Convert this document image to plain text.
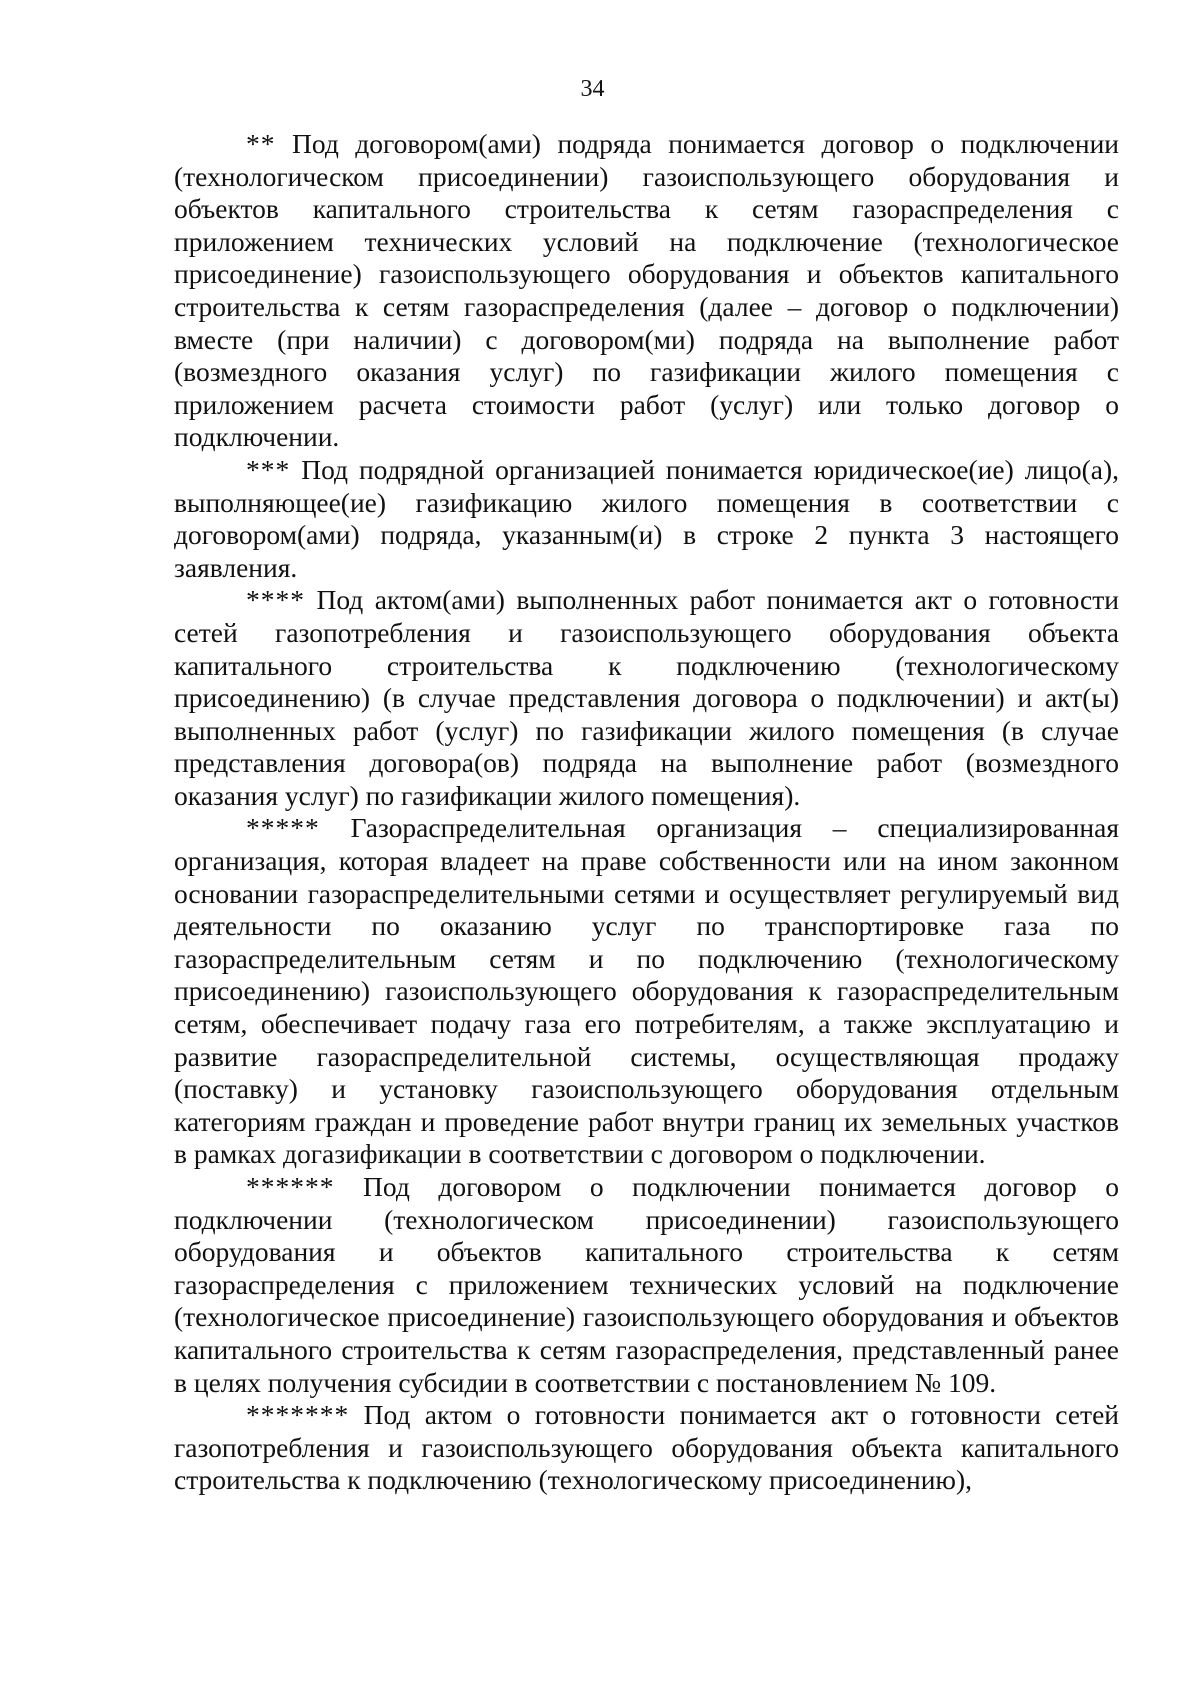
34

** Под договором(ами) подряда понимается договор о подключении (технологическом присоединении) газоиспользующего оборудования и объектов капитального строительства к сетям газораспределения с приложением технических условий на подключение (технологическое присоединение) газоиспользующего оборудования и объектов капитального строительства к сетям газораспределения (далее – договор о подключении) вместе (при наличии) с договором(ми) подряда на выполнение работ (возмездного оказания услуг) по газификации жилого помещения с приложением расчета стоимости работ (услуг) или только договор о подключении.

*** Под подрядной организацией понимается юридическое(ие) лицо(а), выполняющее(ие) газификацию жилого помещения в соответствии с договором(ами) подряда, указанным(и) в строке 2 пункта 3 настоящего заявления.

**** Под актом(ами) выполненных работ понимается акт о готовности сетей газопотребления и газоиспользующего оборудования объекта капитального строительства к подключению (технологическому присоединению) (в случае представления договора о подключении) и акт(ы) выполненных работ (услуг) по газификации жилого помещения (в случае представления договора(ов) подряда на выполнение работ (возмездного оказания услуг) по газификации жилого помещения).

***** Газораспределительная организация – специализированная организация, которая владеет на праве собственности или на ином законном основании газораспределительными сетями и осуществляет регулируемый вид деятельности по оказанию услуг по транспортировке газа по газораспределительным сетям и по подключению (технологическому присоединению) газоиспользующего оборудования к газораспределительным сетям, обеспечивает подачу газа его потребителям, а также эксплуатацию и развитие газораспределительной системы, осуществляющая продажу (поставку) и установку газоиспользующего оборудования отдельным категориям граждан и проведение работ внутри границ их земельных участков в рамках догазификации в соответствии с договором о подключении.

****** Под договором о подключении понимается договор о подключении (технологическом присоединении) газоиспользующего оборудования и объектов капитального строительства к сетям газораспределения с приложением технических условий на подключение (технологическое присоединение) газоиспользующего оборудования и объектов капитального строительства к сетям газораспределения, представленный ранее в целях получения субсидии в соответствии с постановлением № 109.

******* Под актом о готовности понимается акт о готовности сетей газопотребления и газоиспользующего оборудования объекта капитального строительства к подключению (технологическому присоединению),
